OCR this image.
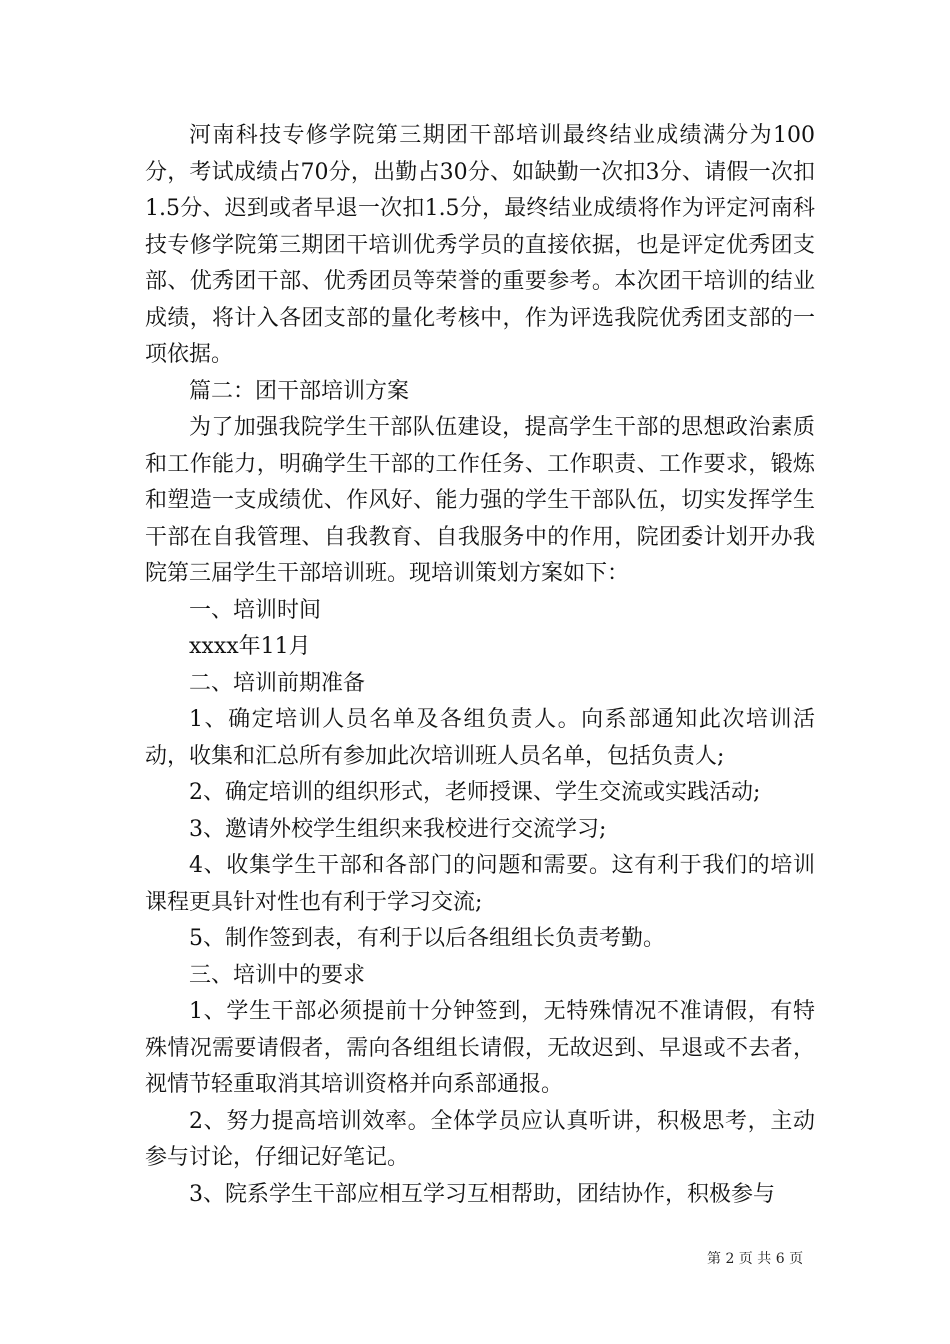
河南科技专修学院第三期团干部培训最终结业成绩满分为100分，考试成绩占70分，出勤占30分、如缺勤一次扣3分、请假一次扣1.5分、迟到或者早退一次扣1.5分，最终结业成绩将作为评定河南科技专修学院第三期团干培训优秀学员的直接依据，也是评定优秀团支部、优秀团干部、优秀团员等荣誉的重要参考。本次团干培训的结业成绩，将计入各团支部的量化考核中，作为评选我院优秀团支部的一项依据。

篇二：团干部培训方案

为了加强我院学生干部队伍建设，提高学生干部的思想政治素质和工作能力，明确学生干部的工作任务、工作职责、工作要求，锻炼和塑造一支成绩优、作风好、能力强的学生干部队伍，切实发挥学生干部在自我管理、自我教育、自我服务中的作用，院团委计划开办我院第三届学生干部培训班。现培训策划方案如下：

一、培训时间

xxxx年11月

二、培训前期准备

1、确定培训人员名单及各组负责人。向系部通知此次培训活动，收集和汇总所有参加此次培训班人员名单，包括负责人;

2、确定培训的组织形式，老师授课、学生交流或实践活动;

3、邀请外校学生组织来我校进行交流学习;

4、收集学生干部和各部门的问题和需要。这有利于我们的培训课程更具针对性也有利于学习交流;

5、制作签到表，有利于以后各组组长负责考勤。

三、培训中的要求

1、学生干部必须提前十分钟签到，无特殊情况不准请假，有特殊情况需要请假者，需向各组组长请假，无故迟到、早退或不去者，视情节轻重取消其培训资格并向系部通报。

2、努力提高培训效率。全体学员应认真听讲，积极思考，主动参与讨论，仔细记好笔记。

3、院系学生干部应相互学习互相帮助，团结协作，积极参与

第 2 页 共 6 页
